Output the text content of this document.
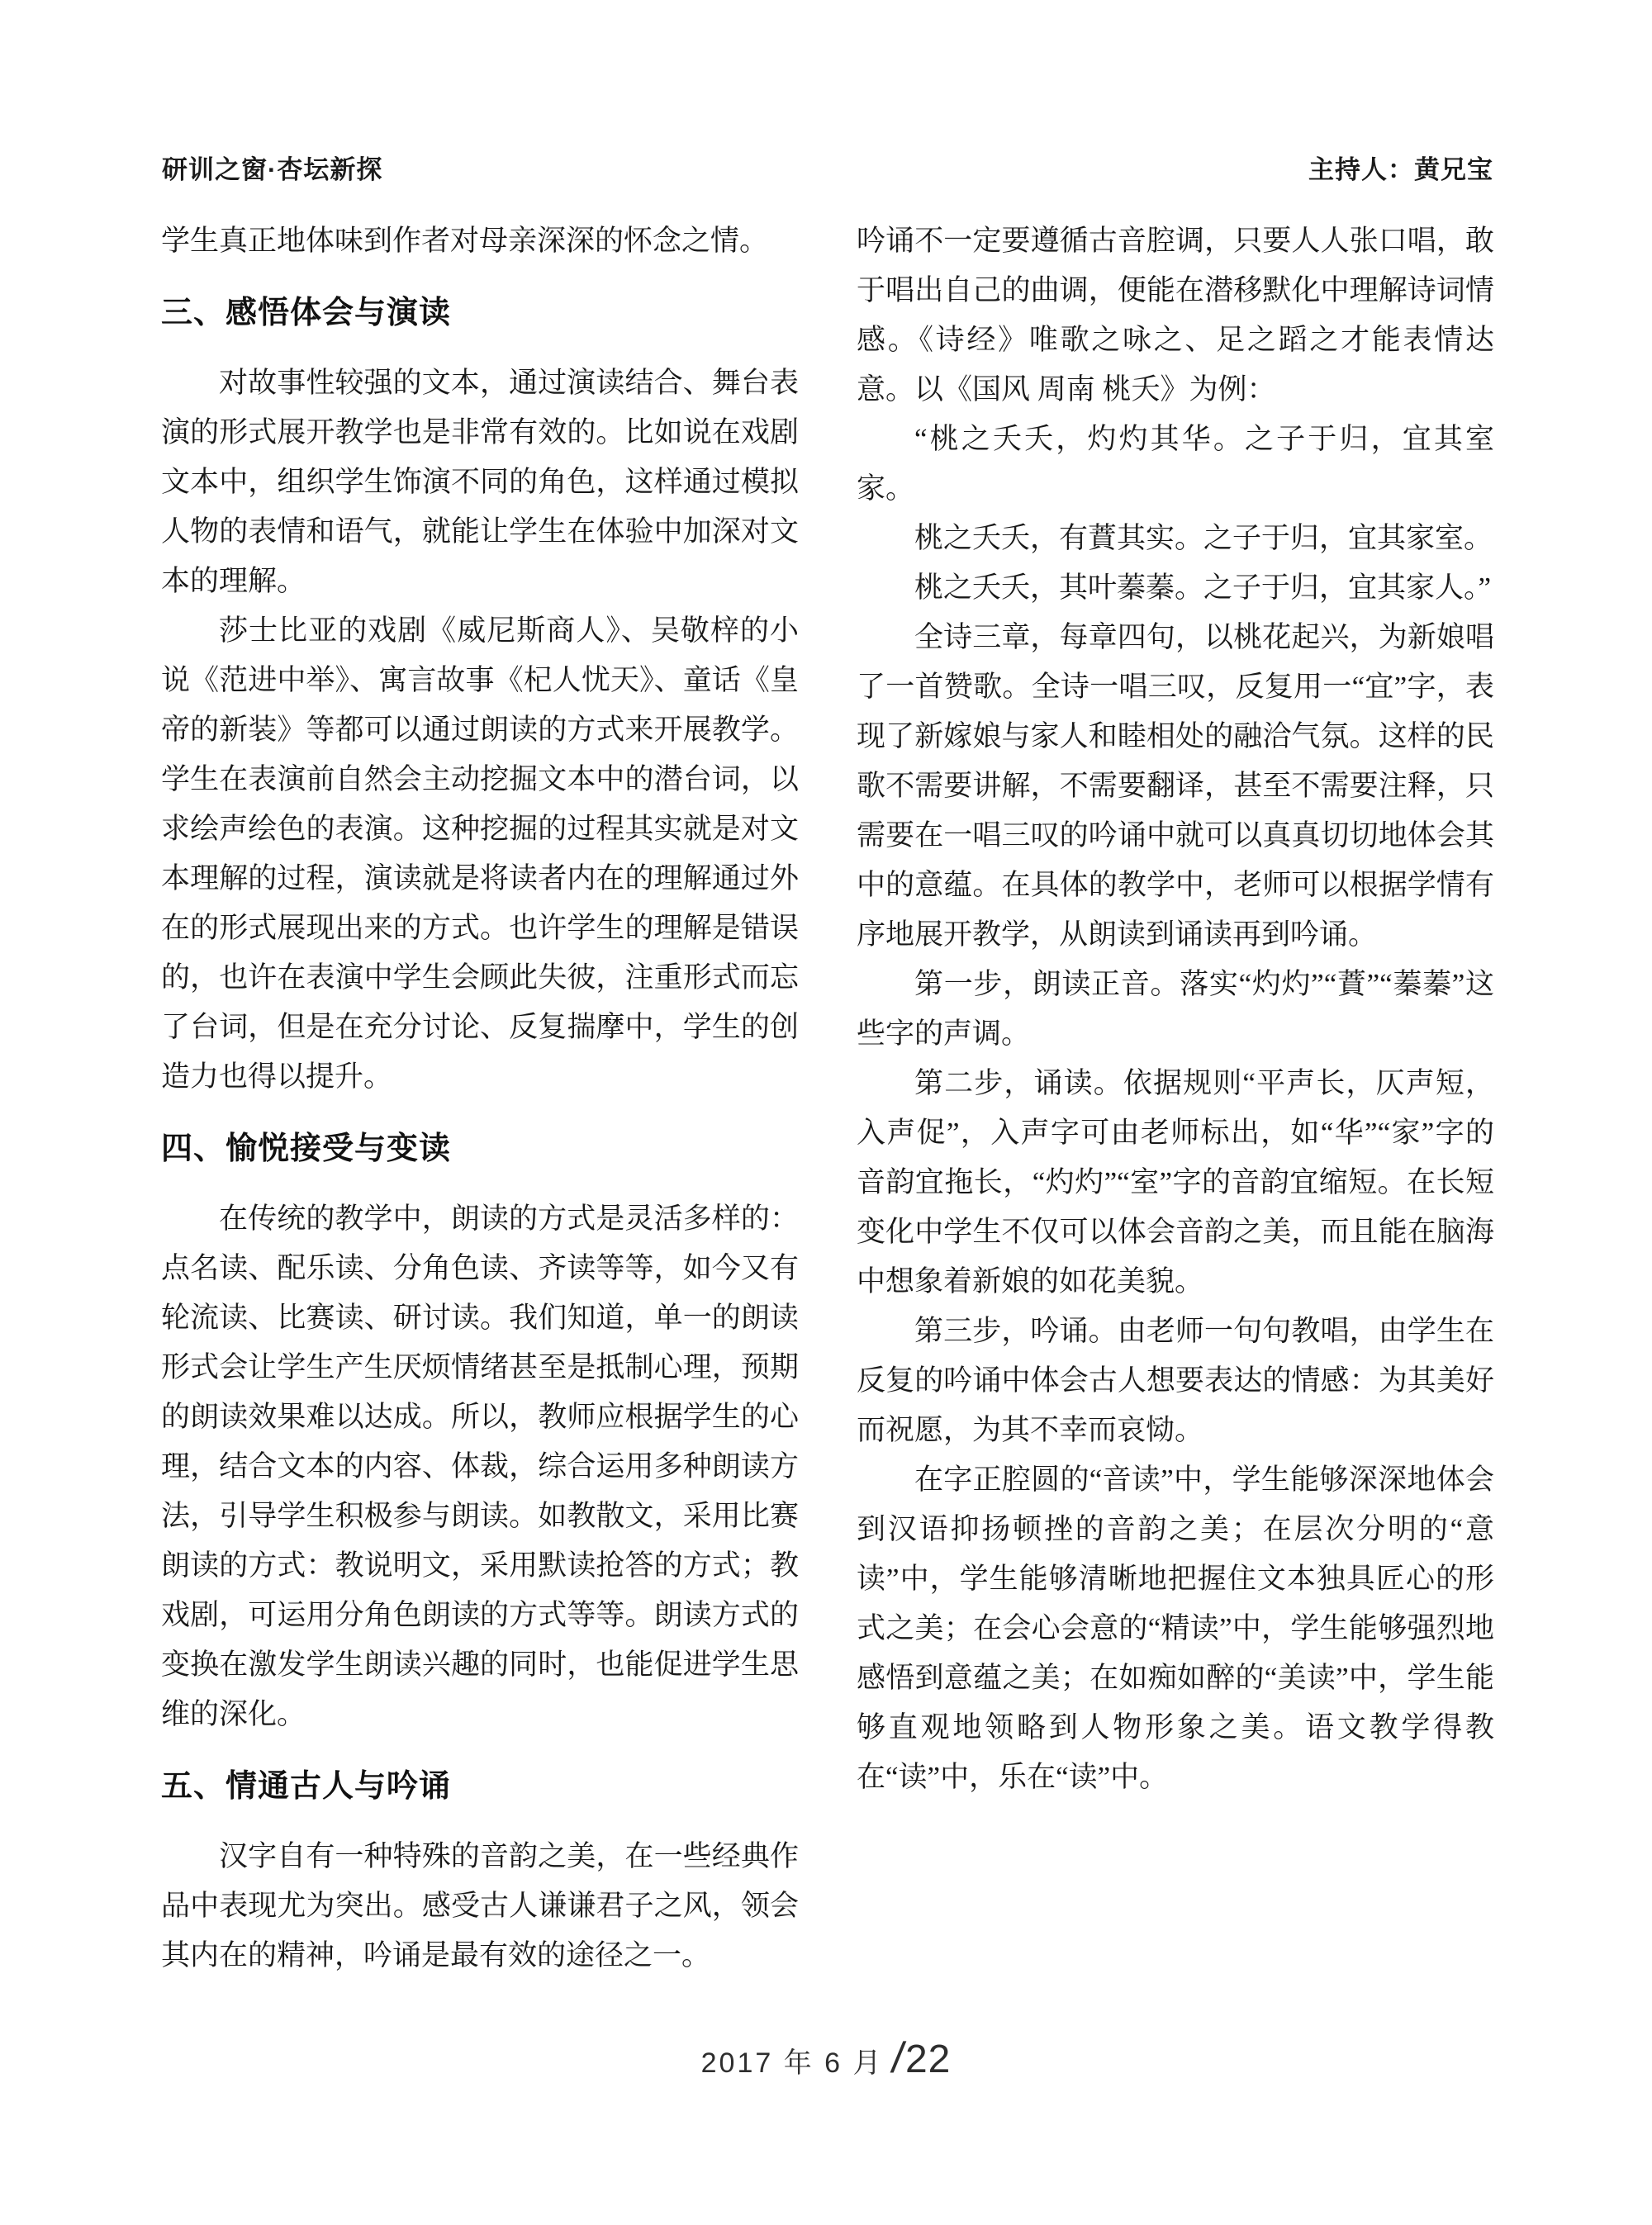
研训之窗·杏坛新探	主持人：黄兄宝

学生真正地体味到作者对母亲深深的怀念之情。

三、感悟体会与演读

对故事性较强的文本，通过演读结合、舞台表演的形式展开教学也是非常有效的。比如说在戏剧文本中，组织学生饰演不同的角色，这样通过模拟人物的表情和语气，就能让学生在体验中加深对文本的理解。

莎士比亚的戏剧《威尼斯商人》、吴敬梓的小说《范进中举》、寓言故事《杞人忧天》、童话《皇帝的新装》等都可以通过朗读的方式来开展教学。学生在表演前自然会主动挖掘文本中的潜台词，以求绘声绘色的表演。这种挖掘的过程其实就是对文本理解的过程，演读就是将读者内在的理解通过外在的形式展现出来的方式。也许学生的理解是错误的，也许在表演中学生会顾此失彼，注重形式而忘了台词，但是在充分讨论、反复揣摩中，学生的创造力也得以提升。

四、愉悦接受与变读

在传统的教学中，朗读的方式是灵活多样的：点名读、配乐读、分角色读、齐读等等，如今又有轮流读、比赛读、研讨读。我们知道，单一的朗读形式会让学生产生厌烦情绪甚至是抵制心理，预期的朗读效果难以达成。所以，教师应根据学生的心理，结合文本的内容、体裁，综合运用多种朗读方法，引导学生积极参与朗读。如教散文，采用比赛朗读的方式：教说明文，采用默读抢答的方式；教戏剧，可运用分角色朗读的方式等等。朗读方式的变换在激发学生朗读兴趣的同时，也能促进学生思维的深化。

五、情通古人与吟诵

汉字自有一种特殊的音韵之美，在一些经典作品中表现尤为突出。感受古人谦谦君子之风，领会其内在的精神，吟诵是最有效的途径之一。

吟诵不一定要遵循古音腔调，只要人人张口唱，敢于唱出自己的曲调，便能在潜移默化中理解诗词情感。《诗经》唯歌之咏之、足之蹈之才能表情达意。以《国风 周南 桃夭》为例：

“桃之夭夭，灼灼其华。之子于归，宜其室家。

桃之夭夭，有蕡其实。之子于归，宜其家室。

桃之夭夭，其叶蓁蓁。之子于归，宜其家人。”

全诗三章，每章四句，以桃花起兴，为新娘唱了一首赞歌。全诗一唱三叹，反复用一“宜”字，表现了新嫁娘与家人和睦相处的融洽气氛。这样的民歌不需要讲解，不需要翻译，甚至不需要注释，只需要在一唱三叹的吟诵中就可以真真切切地体会其中的意蕴。在具体的教学中，老师可以根据学情有序地展开教学，从朗读到诵读再到吟诵。

第一步，朗读正音。落实“灼灼”“蕡”“蓁蓁”这些字的声调。

第二步，诵读。依据规则“平声长，仄声短，入声促”，入声字可由老师标出，如“华”“家”字的音韵宜拖长，“灼灼”“室”字的音韵宜缩短。在长短变化中学生不仅可以体会音韵之美，而且能在脑海中想象着新娘的如花美貌。

第三步，吟诵。由老师一句句教唱，由学生在反复的吟诵中体会古人想要表达的情感：为其美好而祝愿，为其不幸而哀恸。

在字正腔圆的“音读”中，学生能够深深地体会到汉语抑扬顿挫的音韵之美；在层次分明的“意读”中，学生能够清晰地把握住文本独具匠心的形式之美；在会心会意的“精读”中，学生能够强烈地感悟到意蕴之美；在如痴如醉的“美读”中，学生能够直观地领略到人物形象之美。语文教学得教在“读”中，乐在“读”中。

2017 年 6 月 /
22
